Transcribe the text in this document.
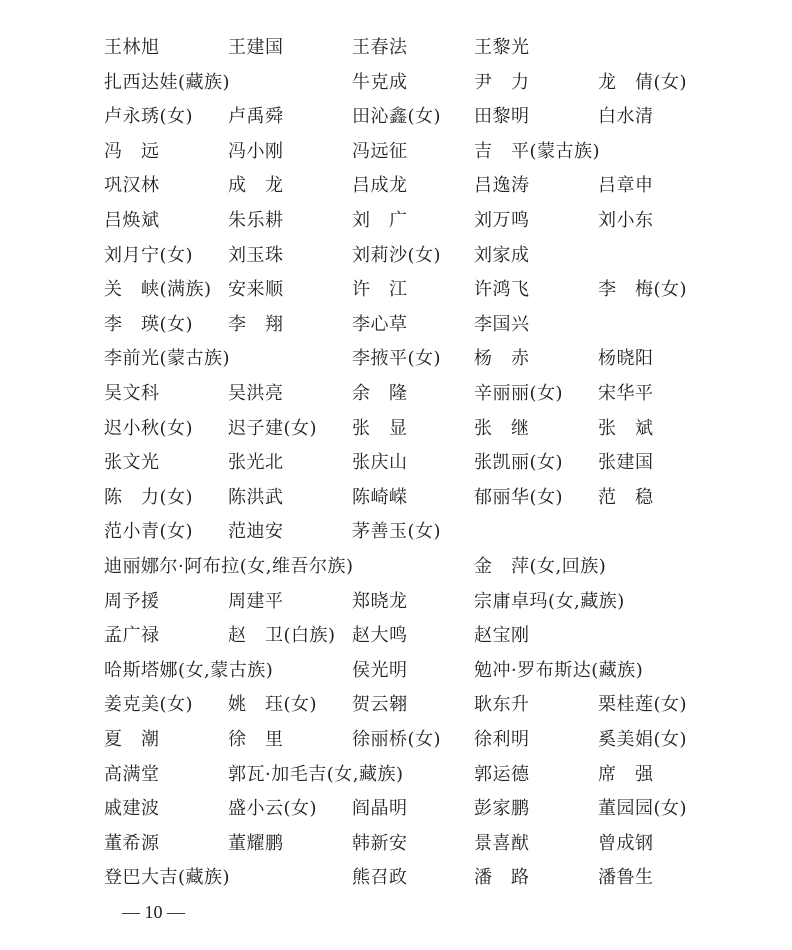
王林旭	王建国	王春法	王黎光
扎西达娃(藏族)	牛克成	尹　力	龙　倩(女)
卢永琇(女) 卢禹舜	田沁鑫(女) 田黎明	白水清
冯　远	冯小刚	冯远征	吉　平(蒙古族)
巩汉林	成　龙	吕成龙	吕逸涛	吕章申
吕焕斌	朱乐耕	刘　广	刘万鸣	刘小东
刘月宁(女) 刘玉珠	刘莉沙(女) 刘家成
关　峡(满族) 安来顺	许　江	许鸿飞	李　梅(女)
李　瑛(女) 李　翔	李心草	李国兴
李前光(蒙古族)	李掖平(女) 杨　赤	杨晓阳
吴文科	吴洪亮	余　隆	辛丽丽(女) 宋华平
迟小秋(女) 迟子建(女) 张　显	张　继	张　斌
张文光	张光北	张庆山	张凯丽(女) 张建国
陈　力(女) 陈洪武	陈崎嵘	郁丽华(女) 范　稳
范小青(女) 范迪安	茅善玉(女)
迪丽娜尔·阿布拉(女,维吾尔族)	金　萍(女,回族)
周予援	周建平	郑晓龙	宗庸卓玛(女,藏族)
孟广禄	赵　卫(白族) 赵大鸣	赵宝刚
哈斯塔娜(女,蒙古族)	侯光明	勉冲·罗布斯达(藏族)
姜克美(女) 姚　珏(女) 贺云翱	耿东升	栗桂莲(女)
夏　潮	徐　里	徐丽桥(女) 徐利明	奚美娟(女)
高满堂	郭瓦·加毛吉(女,藏族)	郭运德	席　强
戚建波	盛小云(女) 阎晶明	彭家鹏	董园园(女)
董希源	董耀鹏	韩新安	景喜猷	曾成钢
登巴大吉(藏族)	熊召政	潘　路	潘鲁生
— 10 —
